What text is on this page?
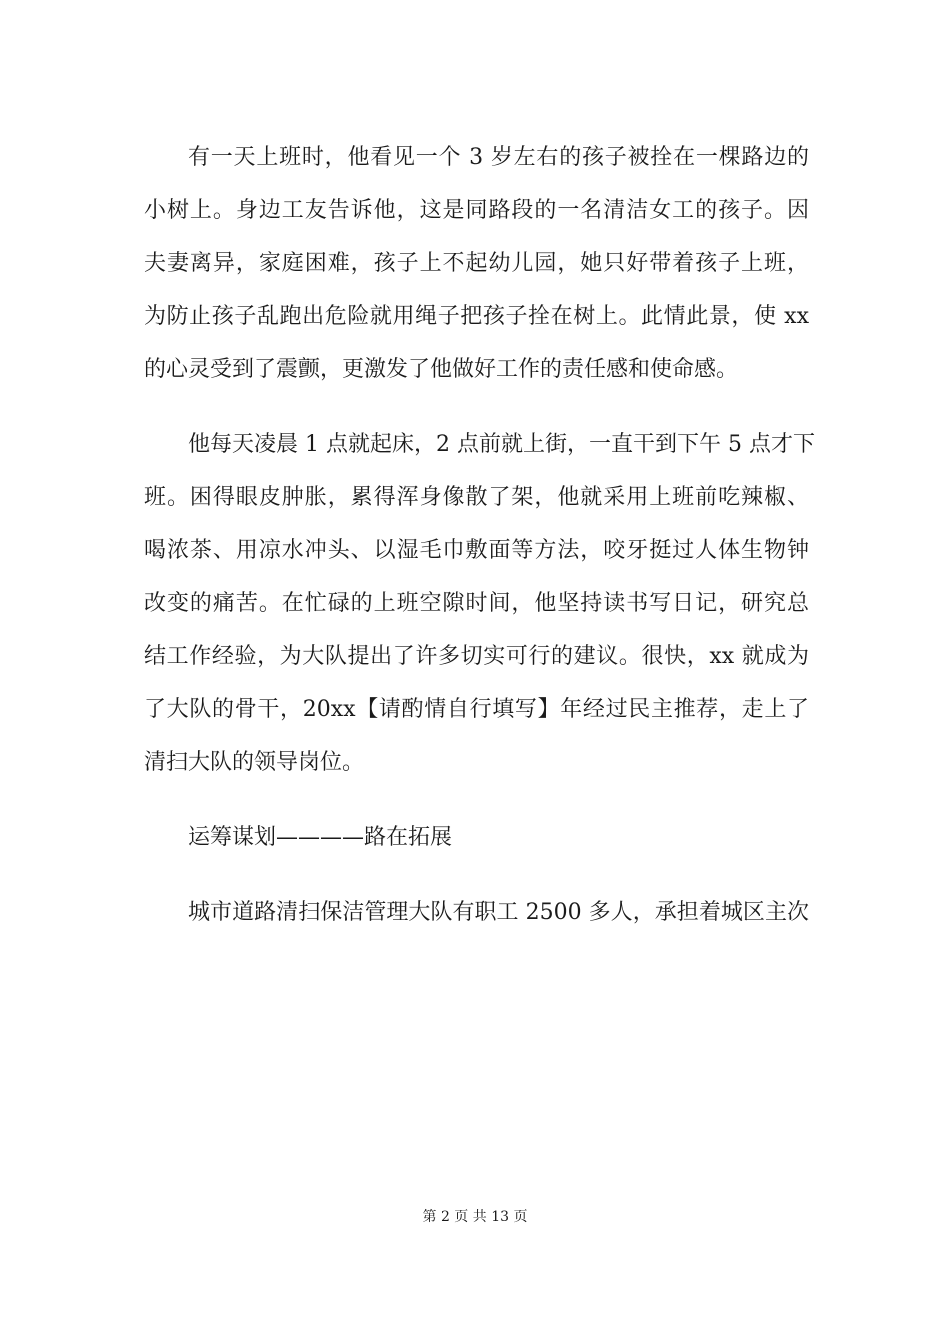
有一天上班时，他看见一个 3 岁左右的孩子被拴在一棵路边的
小树上。身边工友告诉他，这是同路段的一名清洁女工的孩子。因
夫妻离异，家庭困难，孩子上不起幼儿园，她只好带着孩子上班，
为防止孩子乱跑出危险就用绳子把孩子拴在树上。此情此景，使 xx
的心灵受到了震颤，更激发了他做好工作的责任感和使命感。
他每天凌晨 1 点就起床，2 点前就上街，一直干到下午 5 点才下
班。困得眼皮肿胀，累得浑身像散了架，他就采用上班前吃辣椒、
喝浓茶、用凉水冲头、以湿毛巾敷面等方法，咬牙挺过人体生物钟
改变的痛苦。在忙碌的上班空隙时间，他坚持读书写日记，研究总
结工作经验，为大队提出了许多切实可行的建议。很快，xx 就成为
了大队的骨干，20xx【请酌情自行填写】年经过民主推荐，走上了
清扫大队的领导岗位。
运筹谋划————路在拓展
城市道路清扫保洁管理大队有职工 2500 多人，承担着城区主次
第 2 页 共 13 页
